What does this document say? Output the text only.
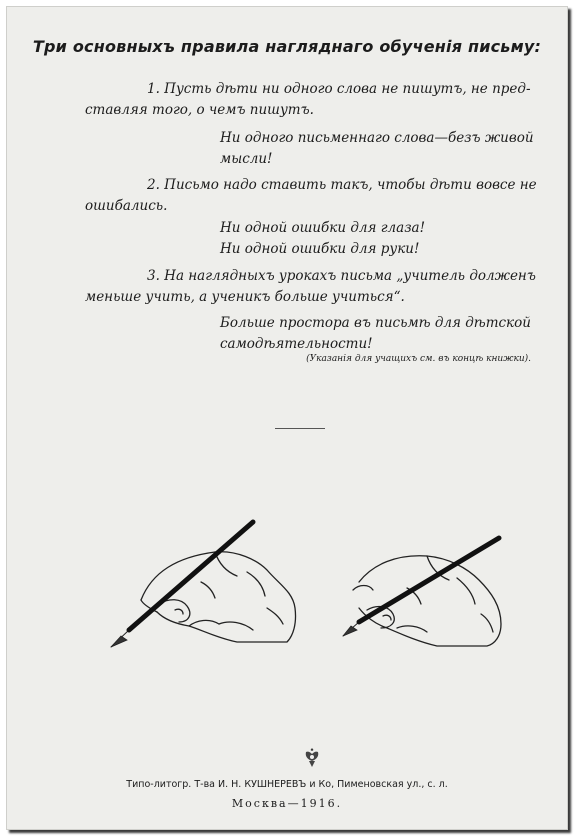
Три основныхъ правила нагляднаго обученія письму:
1. Пусть дѣти ни одного слова не пишутъ, не пред-
ставляя того, о чемъ пишутъ.
Ни одного письменнаго слова—безъ живой
мысли!
2. Письмо надо ставить такъ, чтобы дѣти вовсе не
ошибались.
Ни одной ошибки для глаза!
Ни одной ошибки для руки!
3. На наглядныхъ урокахъ письма „учитель долженъ
меньше учить, а ученикъ больше учиться“.
Больше простора въ письмѣ для дѣтской
самодѣятельности!
(Указанія для учащихъ см. въ концѣ книжки).
Типо-литогр. Т-ва И. Н. КУШНЕРЕВЪ и Ко, Пименовская ул., с. л.
Москва—1916.
